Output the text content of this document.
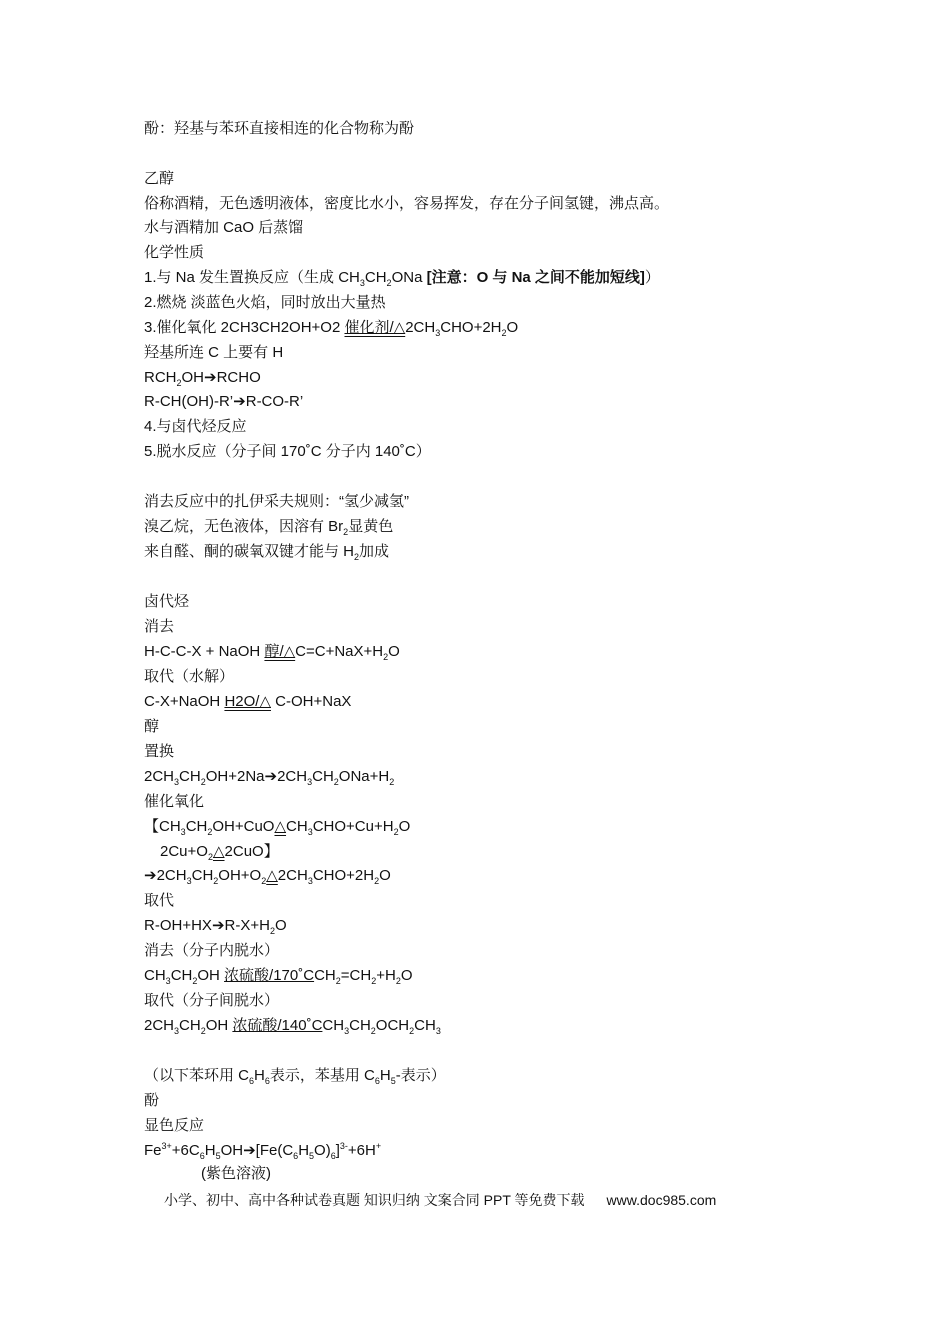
酚：羟基与苯环直接相连的化合物称为酚
乙醇
俗称酒精，无色透明液体，密度比水小，容易挥发，存在分子间氢键，沸点高。
水与酒精加 CaO 后蒸馏
化学性质
1.与 Na 发生置换反应（生成 $CH_3CH_2ONa$ [注意：O 与 Na 之间不能加短线]）
2.燃烧 淡蓝色火焰，同时放出大量热
3.催化氧化 2CH3CH2OH+O2 催化剂$/\triangle 2CH_3CHO+2H_2O$
羟基所连 C 上要有 H
$RCH_2OH➔RCHO$
R-CH(OH)-R’➔R-CO-R’
4.与卤代烃反应
5.脱水反应（分子间 170˚C 分子内 140˚C）
消去反应中的扎伊采夫规则：“氢少减氢”
溴乙烷，无色液体，因溶有 $Br_2$显黄色
来自醛、酮的碳氧双键才能与 $H_2$加成
卤代烃
消去
H-C-C-X + NaOH 醇$/\triangle C=C+NaX+H_2O$
取代（水解）
C-X+NaOH H2O/△ C-OH+NaX
醇
置换
$2CH_3CH_2OH+2Na➔2CH_3CH_2ONa+H_2$
催化氧化
【$CH_3CH_2OH+CuO\triangle CH_3CHO+Cu+H_2O$
$2Cu+O_2\triangle 2CuO$】
$➔2CH_3CH_2OH+O_2\triangle 2CH_3CHO+2H_2O$
取代
$R-OH+HX➔R-X+H_2O$
消去（分子内脱水）
$CH_3CH_2OH$ 浓硫酸$/170˚CCH_2=CH_2+H_2O$
取代（分子间脱水）
$2CH_3CH_2OH$ 浓硫酸$/140˚CCH_3CH_2OCH_2CH_3$
（以下苯环用 $C_6H_6$表示，苯基用 $C_6H_5-$表示）
酚
显色反应
$Fe^{3+}+6C_6H_5OH➔[Fe(C_6H_5O)_6]^{3-}+6H^+$
(紫色溶液)
小学、初中、高中各种试卷真题 知识归纳 文案合同 PPT 等免费下载 www.doc985.com
